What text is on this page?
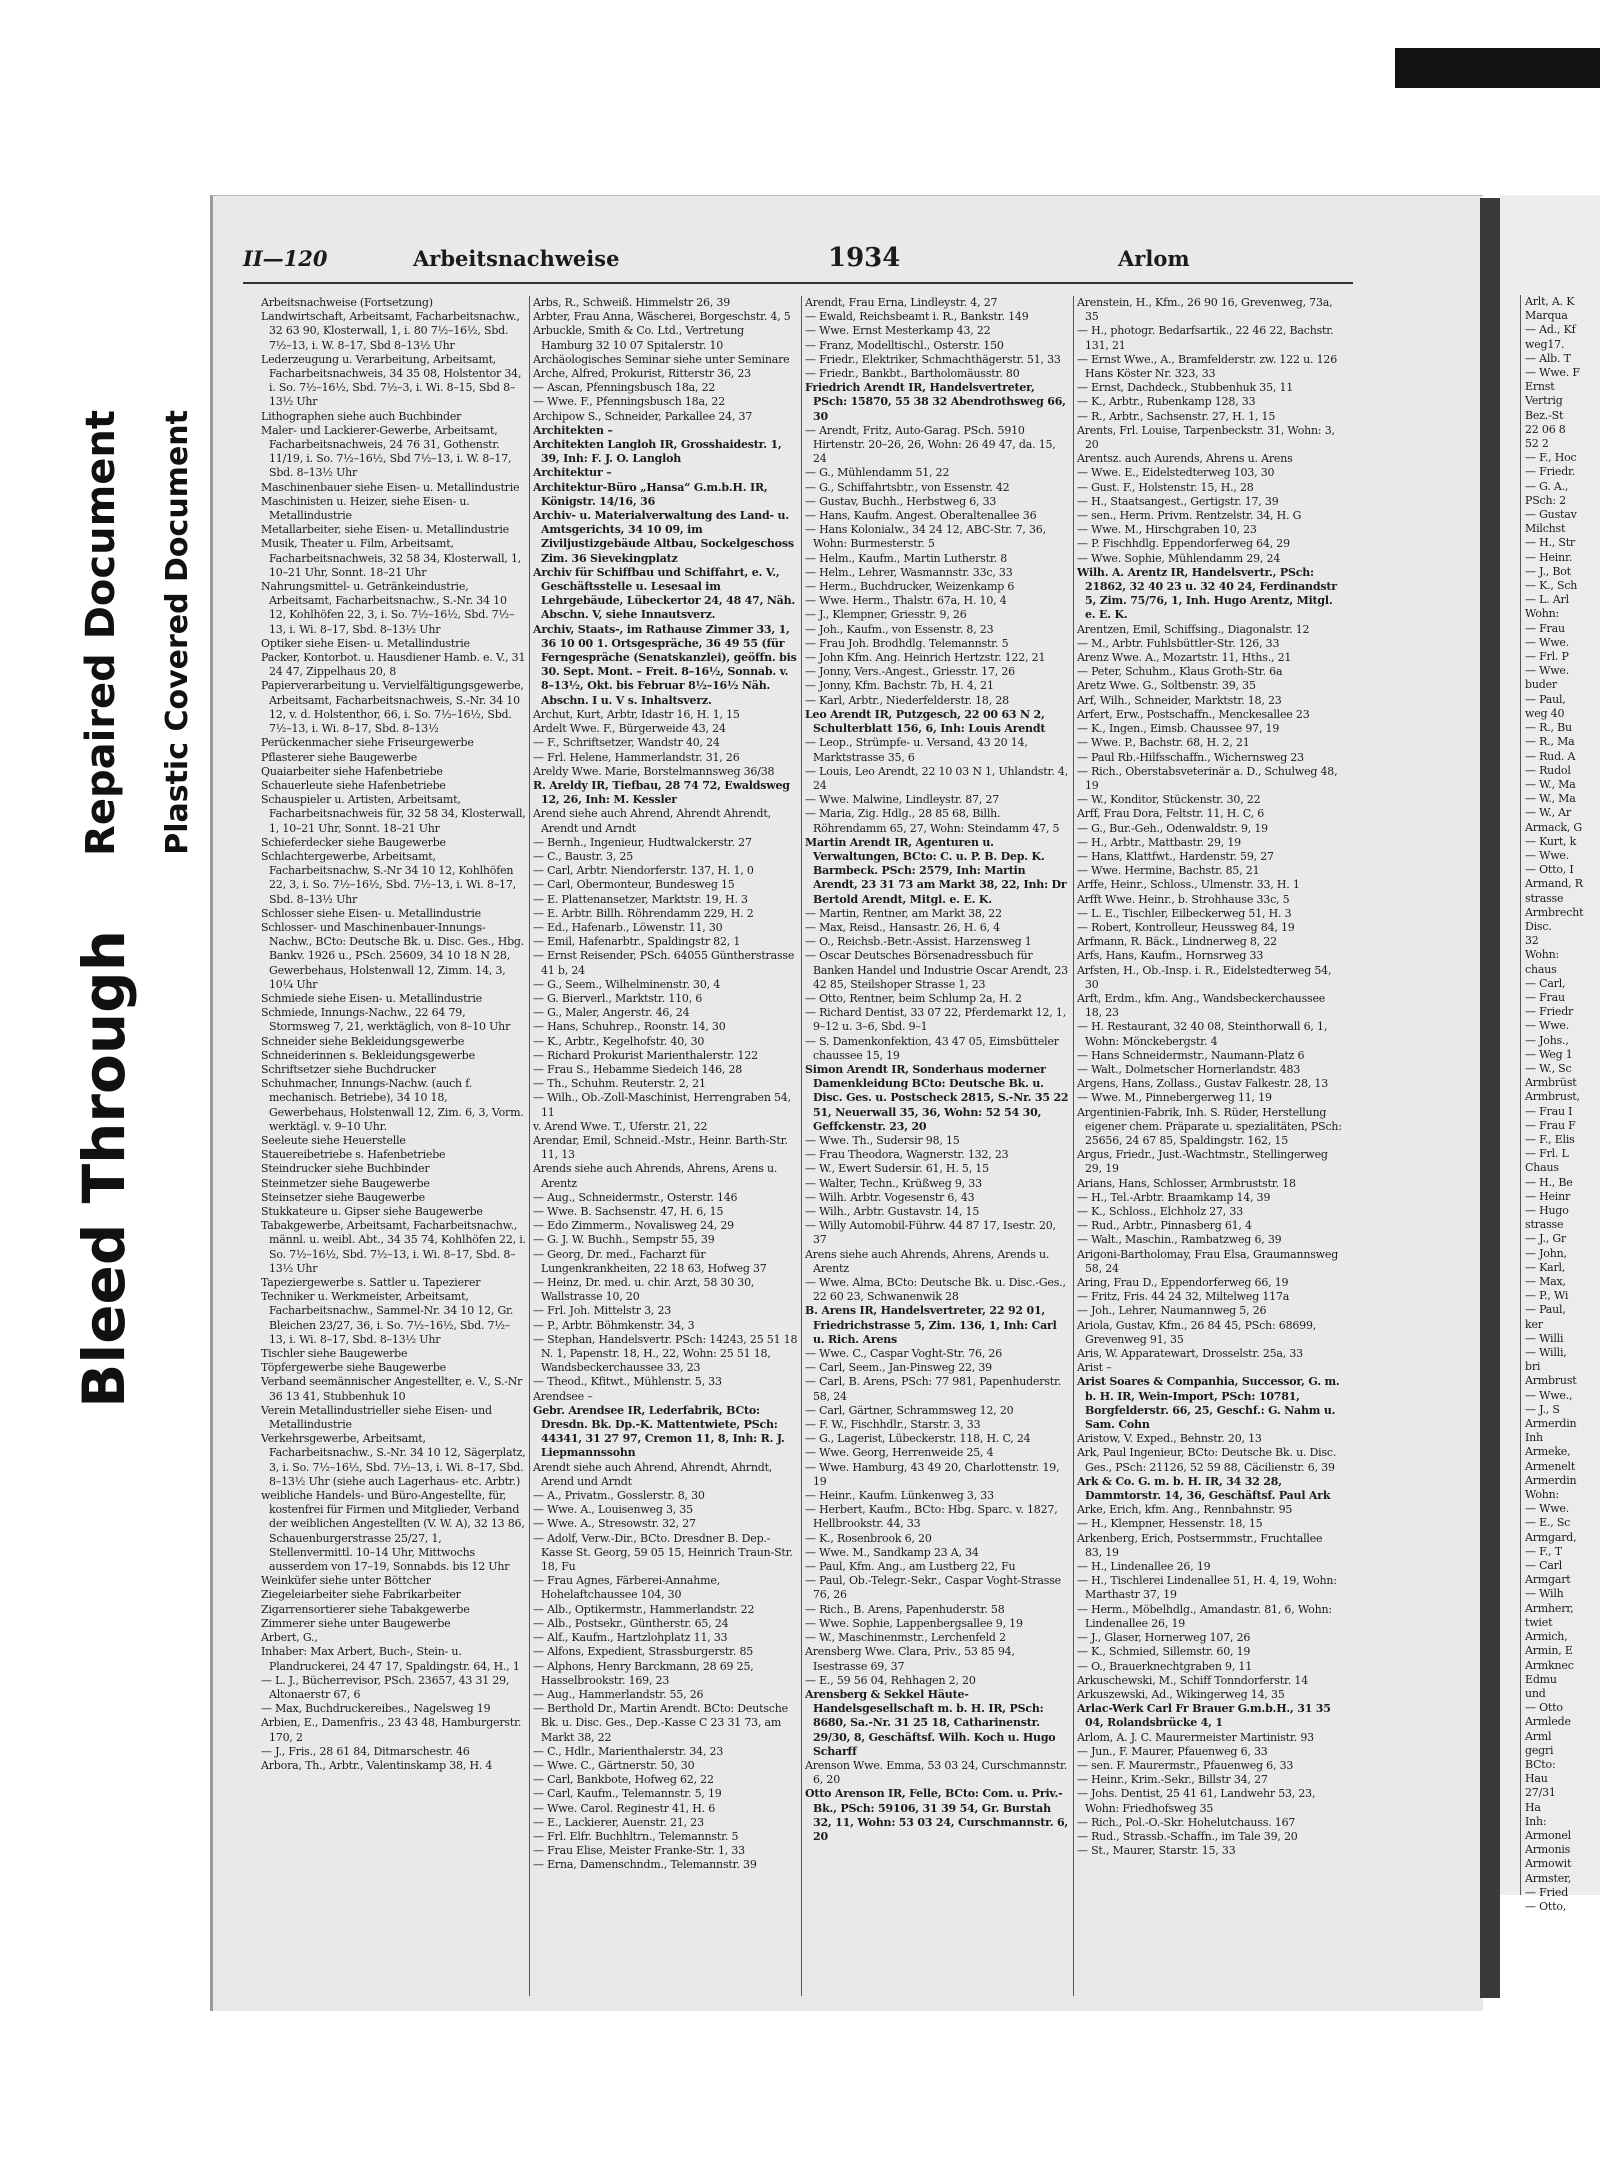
Bleed Through
Repaired Document Plastic Covered Document
II—120	Arbeitsnachweise	1934	Arlom

Arbeitsnachweise (Fortsetzung)

Landwirtschaft, Arbeitsamt, Facharbeitsnachw., 32 63 90, Klosterwall, 1, i. 80 7½–16½, Sbd. 7½–13, i. W. 8–17, Sbd 8–13½ Uhr

Lederzeugung u. Verarbeitung, Arbeitsamt, Facharbeitsnachweis, 34 35 08, Holstentor 34, i. So. 7½–16½, Sbd. 7½–3, i. Wi. 8–15, Sbd 8–13½ Uhr

Lithographen siehe auch Buchbinder

Maler- und Lackierer-Gewerbe, Arbeitsamt, Facharbeitsnachweis, 24 76 31, Gothenstr. 11/19, i. So. 7½–16½, Sbd 7½–13, i. W. 8–17, Sbd. 8–13½ Uhr

Maschinenbauer siehe Eisen- u. Metallindustrie

Maschinisten u. Heizer, siehe Eisen- u. Metallindustrie

Metallarbeiter, siehe Eisen- u. Metallindustrie

Musik, Theater u. Film, Arbeitsamt, Facharbeitsnachweis, 32 58 34, Klosterwall, 1, 10–21 Uhr, Sonnt. 18–21 Uhr

Nahrungsmittel- u. Getränkeindustrie, Arbeitsamt, Facharbeitsnachw., S.-Nr. 34 10 12, Kohlhöfen 22, 3, i. So. 7½–16½, Sbd. 7½–13, i. Wi. 8–17, Sbd. 8–13½ Uhr

Optiker siehe Eisen- u. Metallindustrie

Packer, Kontorbot. u. Hausdiener Hamb. e. V., 31 24 47, Zippelhaus 20, 8

Papierverarbeitung u. Vervielfältigungsgewerbe, Arbeitsamt, Facharbeitsnachweis, S.-Nr. 34 10 12, v. d. Holstenthor, 66, i. So. 7½–16½, Sbd. 7½–13, i. Wi. 8–17, Sbd. 8–13½

Perückenmacher siehe Friseurgewerbe

Pflasterer siehe Baugewerbe

Quaiarbeiter siehe Hafenbetriebe

Schauerleute siehe Hafenbetriebe

Schauspieler u. Artisten, Arbeitsamt, Facharbeitsnachweis für, 32 58 34, Klosterwall, 1, 10–21 Uhr, Sonnt. 18–21 Uhr

Schieferdecker siehe Baugewerbe

Schlachtergewerbe, Arbeitsamt, Facharbeitsnachw, S.-Nr 34 10 12, Kohlhöfen 22, 3, i. So. 7½–16½, Sbd. 7½–13, i. Wi. 8–17, Sbd. 8–13½ Uhr

Schlosser siehe Eisen- u. Metallindustrie

Schlosser- und Maschinenbauer-Innungs-Nachw., BCto: Deutsche Bk. u. Disc. Ges., Hbg. Bankv. 1926 u., PSch. 25609, 34 10 18 N 28, Gewerbehaus, Holstenwall 12, Zimm. 14, 3, 10¼ Uhr

Schmiede siehe Eisen- u. Metallindustrie

Schmiede, Innungs-Nachw., 22 64 79, Stormsweg 7, 21, werktäglich, von 8–10 Uhr

Schneider siehe Bekleidungsgewerbe

Schneiderinnen s. Bekleidungsgewerbe

Schriftsetzer siehe Buchdrucker

Schuhmacher, Innungs-Nachw. (auch f. mechanisch. Betriebe), 34 10 18, Gewerbehaus, Holstenwall 12, Zim. 6, 3, Vorm. werktägl. v. 9–10 Uhr.

Seeleute siehe Heuerstelle

Stauereibetriebe s. Hafenbetriebe

Steindrucker siehe Buchbinder

Steinmetzer siehe Baugewerbe

Steinsetzer siehe Baugewerbe

Stukkateure u. Gipser siehe Baugewerbe

Tabakgewerbe, Arbeitsamt, Facharbeitsnachw., männl. u. weibl. Abt., 34 35 74, Kohlhöfen 22, i. So. 7½–16½, Sbd. 7½–13, i. Wi. 8–17, Sbd. 8–13½ Uhr

Tapeziergewerbe s. Sattler u. Tapezierer

Techniker u. Werkmeister, Arbeitsamt, Facharbeitsnachw., Sammel-Nr. 34 10 12, Gr. Bleichen 23/27, 36, i. So. 7½–16½, Sbd. 7½–13, i. Wi. 8–17, Sbd. 8–13½ Uhr

Tischler siehe Baugewerbe

Töpfergewerbe siehe Baugewerbe

Verband seemännischer Angestellter, e. V., S.-Nr 36 13 41, Stubbenhuk 10

Verein Metallindustrieller siehe Eisen- und Metallindustrie

Verkehrsgewerbe, Arbeitsamt, Facharbeitsnachw., S.-Nr. 34 10 12, Sägerplatz, 3, i. So. 7½–16½, Sbd. 7½–13, i. Wi. 8–17, Sbd. 8–13½ Uhr (siehe auch Lagerhaus- etc. Arbtr.)

weibliche Handels- und Büro-Angestellte, für, kostenfrei für Firmen und Mitglieder, Verband der weiblichen Angestellten (V. W. A), 32 13 86, Schauenburgerstrasse 25/27, 1, Stellenvermittl. 10–14 Uhr, Mittwochs ausserdem von 17–19, Sonnabds. bis 12 Uhr

Weinküfer siehe unter Böttcher

Ziegeleiarbeiter siehe Fabrikarbeiter

Zigarrensortierer siehe Tabakgewerbe

Zimmerer siehe unter Baugewerbe

Arbert, G.,

Inhaber: Max Arbert, Buch-, Stein- u. Plandruckerei, 24 47 17, Spaldingstr. 64, H., 1

— L. J., Bücherrevisor, PSch. 23657, 43 31 29, Altonaerstr 67, 6

— Max, Buchdruckereibes., Nagelsweg 19

Arbien, E., Damenfris., 23 43 48, Hamburgerstr. 170, 2

— J., Fris., 28 61 84, Ditmarschestr. 46

Arbora, Th., Arbtr., Valentinskamp 38, H. 4

Arbs, R., Schweiß. Himmelstr 26, 39

Arbter, Frau Anna, Wäscherei, Borgeschstr. 4, 5

Arbuckle, Smith & Co. Ltd., Vertretung Hamburg 32 10 07 Spitalerstr. 10

Archäologisches Seminar siehe unter Seminare

Arche, Alfred, Prokurist, Ritterstr 36, 23

— Ascan, Pfenningsbusch 18a, 22

— Wwe. F., Pfenningsbusch 18a, 22

Archipow S., Schneider, Parkallee 24, 37

Architekten –

Architekten Langloh IR, Grosshaidestr. 1, 39, Inh: F. J. O. Langloh

Architektur –

Architektur-Büro „Hansa“ G.m.b.H. IR, Königstr. 14/16, 36

Archiv- u. Materialverwaltung des Land- u. Amtsgerichts, 34 10 09, im Ziviljustizgebäude Altbau, Sockelgeschoss Zim. 36 Sievekingplatz

Archiv für Schiffbau und Schiffahrt, e. V., Geschäftsstelle u. Lesesaal im Lehrgebäude, Lübeckertor 24, 48 47, Näh. Abschn. V, siehe Innautsverz.

Archiv, Staats-, im Rathause Zimmer 33, 1, 36 10 00 1. Ortsgespräche, 36 49 55 (für Ferngespräche (Senatskanzlei), geöffn. bis 30. Sept. Mont. – Freit. 8–16½, Sonnab. v. 8–13½, Okt. bis Februar 8½–16½ Näh. Abschn. I u. V s. Inhaltsverz.

Archut, Kurt, Arbtr, Idastr 16, H. 1, 15

Ardelt Wwe. F., Bürgerweide 43, 24

— F., Schriftsetzer, Wandstr 40, 24

— Frl. Helene, Hammerlandstr. 31, 26

Areldy Wwe. Marie, Borstelmannsweg 36/38

R. Areldy IR, Tiefbau, 28 74 72, Ewaldsweg 12, 26, Inh: M. Kessler

Arend siehe auch Ahrend, Ahrendt Ahrendt, Arendt und Arndt

— Bernh., Ingenieur, Hudtwalckerstr. 27

— C., Baustr. 3, 25

— Carl, Arbtr. Niendorferstr. 137, H. 1, 0

— Carl, Obermonteur, Bundesweg 15

— E. Plattenansetzer, Marktstr. 19, H. 3

— E. Arbtr. Billh. Röhrendamm 229, H. 2

— Ed., Hafenarb., Löwenstr. 11, 30

— Emil, Hafenarbtr., Spaldingstr 82, 1

— Ernst Reisender, PSch. 64055 Güntherstrasse 41 b, 24

— G., Seem., Wilhelminenstr. 30, 4

— G. Bierverl., Marktstr. 110, 6

— G., Maler, Angerstr. 46, 24

— Hans, Schuhrep., Roonstr. 14, 30

— K., Arbtr., Kegelhofstr. 40, 30

— Richard Prokurist Marienthalerstr. 122

— Frau S., Hebamme Siedeich 146, 28

— Th., Schuhm. Reuterstr. 2, 21

— Wilh., Ob.-Zoll-Maschinist, Herrengraben 54, 11

v. Arend Wwe. T., Uferstr. 21, 22

Arendar, Emil, Schneid.-Mstr., Heinr. Barth-Str. 11, 13

Arends siehe auch Ahrends, Ahrens, Arens u. Arentz

— Aug., Schneidermstr., Osterstr. 146

— Wwe. B. Sachsenstr. 47, H. 6, 15

— Edo Zimmerm., Novalisweg 24, 29

— G. J. W. Buchh., Sempstr 55, 39

— Georg, Dr. med., Facharzt für Lungenkrankheiten, 22 18 63, Hofweg 37

— Heinz, Dr. med. u. chir. Arzt, 58 30 30, Wallstrasse 10, 20

— Frl. Joh. Mittelstr 3, 23

— P., Arbtr. Böhmkenstr. 34, 3

— Stephan, Handelsvertr. PSch: 14243, 25 51 18 N. 1, Papenstr. 18, H., 22, Wohn: 25 51 18, Wandsbeckerchaussee 33, 23

— Theod., Kfitwt., Mühlenstr. 5, 33

Arendsee –

Gebr. Arendsee IR, Lederfabrik, BCto: Dresdn. Bk. Dp.-K. Mattentwiete, PSch: 44341, 31 27 97, Cremon 11, 8, Inh: R. J. Liepmannssohn

Arendt siehe auch Ahrend, Ahrendt, Ahrndt, Arend und Arndt

— A., Privatm., Gosslerstr. 8, 30

— Wwe. A., Louisenweg 3, 35

— Wwe. A., Stresowstr. 32, 27

— Adolf, Verw.-Dir., BCto. Dresdner B. Dep.-Kasse St. Georg, 59 05 15, Heinrich Traun-Str. 18, Fu

— Frau Agnes, Färberei-Annahme, Hohelaftchaussee 104, 30

— Alb., Optikermstr., Hammerlandstr. 22

— Alb., Postsekr., Güntherstr. 65, 24

— Alf., Kaufm., Hartzlohplatz 11, 33

— Alfons, Expedient, Strassburgerstr. 85

— Alphons, Henry Barckmann, 28 69 25, Hasselbrookstr. 169, 23

— Aug., Hammerlandstr. 55, 26

— Berthold Dr., Martin Arendt. BCto: Deutsche Bk. u. Disc. Ges., Dep.-Kasse C 23 31 73, am Markt 38, 22

— C., Hdlr., Marienthalerstr. 34, 23

— Wwe. C., Gärtnerstr. 50, 30

— Carl, Bankbote, Hofweg 62, 22

— Carl, Kaufm., Telemannstr. 5, 19

— Wwe. Carol. Reginestr 41, H. 6

— E., Lackierer, Auenstr. 21, 23

— Frl. Elfr. Buchhltrn., Telemannstr. 5

— Frau Elise, Meister Franke-Str. 1, 33

— Erna, Damenschndm., Telemannstr. 39

Arendt, Frau Erna, Lindleystr. 4, 27

— Ewald, Reichsbeamt i. R., Bankstr. 149

— Wwe. Ernst Mesterkamp 43, 22

— Franz, Modelltischl., Osterstr. 150

— Friedr., Elektriker, Schmachthägerstr. 51, 33

— Friedr., Bankbt., Bartholomäusstr. 80

Friedrich Arendt IR, Handelsvertreter, PSch: 15870, 55 38 32 Abendrothsweg 66, 30

— Arendt, Fritz, Auto-Garag. PSch. 5910 Hirtenstr. 20–26, 26, Wohn: 26 49 47, da. 15, 24

— G., Mühlendamm 51, 22

— G., Schiffahrtsbtr., von Essenstr. 42

— Gustav, Buchh., Herbstweg 6, 33

— Hans, Kaufm. Angest. Oberaltenallee 36

— Hans Kolonialw., 34 24 12, ABC-Str. 7, 36, Wohn: Burmesterstr. 5

— Helm., Kaufm., Martin Lutherstr. 8

— Helm., Lehrer, Wasmannstr. 33c, 33

— Herm., Buchdrucker, Weizenkamp 6

— Wwe. Herm., Thalstr. 67a, H. 10, 4

— J., Klempner, Griesstr. 9, 26

— Joh., Kaufm., von Essenstr. 8, 23

— Frau Joh. Brodhdlg. Telemannstr. 5

— John Kfm. Ang. Heinrich Hertzstr. 122, 21

— Jonny, Vers.-Angest., Griesstr. 17, 26

— Jonny, Kfm. Bachstr. 7b, H. 4, 21

— Karl, Arbtr., Niederfelderstr. 18, 28

Leo Arendt IR, Putzgesch, 22 00 63 N 2, Schulterblatt 156, 6, Inh: Louis Arendt

— Leop., Strümpfe- u. Versand, 43 20 14, Marktstrasse 35, 6

— Louis, Leo Arendt, 22 10 03 N 1, Uhlandstr. 4, 24

— Wwe. Malwine, Lindleystr. 87, 27

— Maria, Zig. Hdlg., 28 85 68, Billh. Röhrendamm 65, 27, Wohn: Steindamm 47, 5

Martin Arendt IR, Agenturen u. Verwaltungen, BCto: C. u. P. B. Dep. K. Barmbeck. PSch: 2579, Inh: Martin Arendt, 23 31 73 am Markt 38, 22, Inh: Dr Bertold Arendt, Mitgl. e. E. K.

— Martin, Rentner, am Markt 38, 22

— Max, Reisd., Hansastr. 26, H. 6, 4

— O., Reichsb.-Betr.-Assist. Harzensweg 1

— Oscar Deutsches Börsenadressbuch für Banken Handel und Industrie Oscar Arendt, 23 42 85, Steilshoper Strasse 1, 23

— Otto, Rentner, beim Schlump 2a, H. 2

— Richard Dentist, 33 07 22, Pferdemarkt 12, 1, 9–12 u. 3–6, Sbd. 9–1

— S. Damenkonfektion, 43 47 05, Eimsbütteler chaussee 15, 19

Simon Arendt IR, Sonderhaus moderner Damenkleidung BCto: Deutsche Bk. u. Disc. Ges. u. Postscheck 2815, S.-Nr. 35 22 51, Neuerwall 35, 36, Wohn: 52 54 30, Geffckenstr. 23, 20

— Wwe. Th., Sudersir 98, 15

— Frau Theodora, Wagnerstr. 132, 23

— W., Ewert Sudersir. 61, H. 5, 15

— Walter, Techn., Krüßweg 9, 33

— Wilh. Arbtr. Vogesenstr 6, 43

— Wilh., Arbtr. Gustavstr. 14, 15

— Willy Automobil-Führw. 44 87 17, Isestr. 20, 37

Arens siehe auch Ahrends, Ahrens, Arends u. Arentz

— Wwe. Alma, BCto: Deutsche Bk. u. Disc.-Ges., 22 60 23, Schwanenwik 28

B. Arens IR, Handelsvertreter, 22 92 01, Friedrichstrasse 5, Zim. 136, 1, Inh: Carl u. Rich. Arens

— Wwe. C., Caspar Voght-Str. 76, 26

— Carl, Seem., Jan-Pinsweg 22, 39

— Carl, B. Arens, PSch: 77 981, Papenhuderstr. 58, 24

— Carl, Gärtner, Schrammsweg 12, 20

— F. W., Fischhdlr., Starstr. 3, 33

— G., Lagerist, Lübeckerstr. 118, H. C, 24

— Wwe. Georg, Herrenweide 25, 4

— Wwe. Hamburg, 43 49 20, Charlottenstr. 19, 19

— Heinr., Kaufm. Lünkenweg 3, 33

— Herbert, Kaufm., BCto: Hbg. Sparc. v. 1827, Hellbrookstr. 44, 33

— K., Rosenbrook 6, 20

— Wwe. M., Sandkamp 23 A, 34

— Paul, Kfm. Ang., am Lustberg 22, Fu

— Paul, Ob.-Telegr.-Sekr., Caspar Voght-Strasse 76, 26

— Rich., B. Arens, Papenhuderstr. 58

— Wwe. Sophie, Lappenbergsallee 9, 19

— W., Maschinenmstr., Lerchenfeld 2

Arensberg Wwe. Clara, Priv., 53 85 94, Isestrasse 69, 37

— E., 59 56 04, Rehhagen 2, 20

Arensberg & Sekkel Häute-Handelsgesellschaft m. b. H. IR, PSch: 8680, Sa.-Nr. 31 25 18, Catharinenstr. 29/30, 8, Geschäftsf. Wilh. Koch u. Hugo Scharff

Arenson Wwe. Emma, 53 03 24, Curschmannstr. 6, 20

Otto Arenson IR, Felle, BCto: Com. u. Priv.-Bk., PSch: 59106, 31 39 54, Gr. Burstah 32, 11, Wohn: 53 03 24, Curschmannstr. 6, 20

Arenstein, H., Kfm., 26 90 16, Grevenweg, 73a, 35

— H., photogr. Bedarfsartik., 22 46 22, Bachstr. 131, 21

— Ernst Wwe., A., Bramfelderstr. zw. 122 u. 126 Hans Köster Nr. 323, 33

— Ernst, Dachdeck., Stubbenhuk 35, 11

— K., Arbtr., Rubenkamp 128, 33

— R., Arbtr., Sachsenstr. 27, H. 1, 15

Arents, Frl. Louise, Tarpenbeckstr. 31, Wohn: 3, 20

Arentsz. auch Aurends, Ahrens u. Arens

— Wwe. E., Eidelstedterweg 103, 30

— Gust. F., Holstenstr. 15, H., 28

— H., Staatsangest., Gertigstr. 17, 39

— sen., Herm. Privm. Rentzelstr. 34, H. G

— Wwe. M., Hirschgraben 10, 23

— P. Fischhdlg. Eppendorferweg 64, 29

— Wwe. Sophie, Mühlendamm 29, 24

Wilh. A. Arentz IR, Handelsvertr., PSch: 21862, 32 40 23 u. 32 40 24, Ferdinandstr 5, Zim. 75/76, 1, Inh. Hugo Arentz, Mitgl. e. E. K.

Arentzen, Emil, Schiffsing., Diagonalstr. 12

— M., Arbtr. Fuhlsbüttler-Str. 126, 33

Arenz Wwe. A., Mozartstr. 11, Hths., 21

— Peter, Schuhm., Klaus Groth-Str. 6a

Aretz Wwe. G., Soltbenstr. 39, 35

Arf, Wilh., Schneider, Marktstr. 18, 23

Arfert, Erw., Postschaffn., Menckesallee 23

— K., Ingen., Eimsb. Chaussee 97, 19

— Wwe. P., Bachstr. 68, H. 2, 21

— Paul Rb.-Hilfsschaffn., Wichernsweg 23

— Rich., Oberstabsveterinär a. D., Schulweg 48, 19

— W., Konditor, Stückenstr. 30, 22

Arff, Frau Dora, Feltstr. 11, H. C, 6

— G., Bur.-Geh., Odenwaldstr. 9, 19

— H., Arbtr., Mattbastr. 29, 19

— Hans, Klattfwt., Hardenstr. 59, 27

— Wwe. Hermine, Bachstr. 85, 21

Arffe, Heinr., Schloss., Ulmenstr. 33, H. 1

Arfft Wwe. Heinr., b. Strohhause 33c, 5

— L. E., Tischler, Eilbeckerweg 51, H. 3

— Robert, Kontrolleur, Heussweg 84, 19

Arfmann, R. Bäck., Lindnerweg 8, 22

Arfs, Hans, Kaufm., Hornsrweg 33

Arfsten, H., Ob.-Insp. i. R., Eidelstedterweg 54, 30

Arft, Erdm., kfm. Ang., Wandsbeckerchaussee 18, 23

— H. Restaurant, 32 40 08, Steinthorwall 6, 1, Wohn: Mönckebergstr. 4

— Hans Schneidermstr., Naumann-Platz 6

— Walt., Dolmetscher Hornerlandstr. 483

Argens, Hans, Zollass., Gustav Falkestr. 28, 13

— Wwe. M., Pinnebergerweg 11, 19

Argentinien-Fabrik, Inh. S. Rüder, Herstellung eigener chem. Präparate u. spezialitäten, PSch: 25656, 24 67 85, Spaldingstr. 162, 15

Argus, Friedr., Just.-Wachtmstr., Stellingerweg 29, 19

Arians, Hans, Schlosser, Armbruststr. 18

— H., Tel.-Arbtr. Braamkamp 14, 39

— K., Schloss., Elchholz 27, 33

— Rud., Arbtr., Pinnasberg 61, 4

— Walt., Maschin., Rambatzweg 6, 39

Arigoni-Bartholomay, Frau Elsa, Graumannsweg 58, 24

Aring, Frau D., Eppendorferweg 66, 19

— Fritz, Fris. 44 24 32, Miltelweg 117a

— Joh., Lehrer, Naumannweg 5, 26

Ariola, Gustav, Kfm., 26 84 45, PSch: 68699, Grevenweg 91, 35

Aris, W. Apparatewart, Drosselstr. 25a, 33

Arist –

Arist Soares & Companhia, Successor, G. m. b. H. IR, Wein-Import, PSch: 10781, Borgfelderstr. 66, 25, Geschf.: G. Nahm u. Sam. Cohn

Aristow, V. Exped., Behnstr. 20, 13

Ark, Paul Ingenieur, BCto: Deutsche Bk. u. Disc. Ges., PSch: 21126, 52 59 88, Cäcilienstr. 6, 39

Ark & Co. G. m. b. H. IR, 34 32 28, Dammtorstr. 14, 36, Geschäftsf. Paul Ark

Arke, Erich, kfm. Ang., Rennbahnstr. 95

— H., Klempner, Hessenstr. 18, 15

Arkenberg, Erich, Postsermmstr., Fruchtallee 83, 19

— H., Lindenallee 26, 19

— H., Tischlerei Lindenallee 51, H. 4, 19, Wohn: Marthastr 37, 19

— Herm., Möbelhdlg., Amandastr. 81, 6, Wohn: Lindenallee 26, 19

— J., Glaser, Hornerweg 107, 26

— K., Schmied, Sillemstr. 60, 19

— O., Brauerknechtgraben 9, 11

Arkuschewski, M., Schiff Tonndorferstr. 14

Arkuszewski, Ad., Wikingerweg 14, 35

Arlac-Werk Carl Fr Brauer G.m.b.H., 31 35 04, Rolandsbrücke 4, 1

Arlom, A. J. C. Maurermeister Martinistr. 93

— Jun., F. Maurer, Pfauenweg 6, 33

— sen. F. Maurermstr., Pfauenweg 6, 33

— Heinr., Krim.-Sekr., Billstr 34, 27

— Johs. Dentist, 25 41 61, Landwehr 53, 23, Wohn: Friedhofsweg 35

— Rich., Pol.-O.-Skr. Hohelutchauss. 167

— Rud., Strassb.-Schaffn., im Tale 39, 20

— St., Maurer, Starstr. 15, 33

Arlt, A. K
Marqua
— Ad., Kf
weg17.
— Alb. T
— Wwe. F
Ernst
Vertrig
Bez.-St
22 06 8
52 2
— F., Hoc
— Friedr.
— G. A.,
PSch: 2
— Gustav
Milchst
— H., Str
— Heinr.
— J., Bot
— K., Sch
— L. Arl
Wohn:
— Frau
— Wwe.
— Frl. P
— Wwe.
buder
— Paul,
weg 40
— R., Bu
— R., Ma
— Rud. A
— Rudol
— W., Ma
— W., Ma
— W., Ar
Armack, G
— Kurt, k
— Wwe.
— Otto, I
Armand, R
strasse
Armbrecht
Disc.
32
Wohn:
chaus
— Carl,
— Frau
— Friedr
— Wwe.
— Johs.,
— Weg 1
— W., Sc
Armbrüst
Armbrust,
— Frau I
— Frau F
— F., Elis
— Frl. L
Chaus
— H., Be
— Heinr
— Hugo
strasse
— J., Gr
— John,
— Karl,
— Max,
— P., Wi
— Paul,
ker
— Willi
— Willi,
bri
Armbrust
— Wwe.,
— J., S
Armerdin
Inh
Armeke,
Armenelt
Armerdin
Wohn:
— Wwe.
— E., Sc
Armgard,
— F., T
— Carl
Armgart
— Wilh
Armherr,
twiet
Armich,
Armin, E
Armknec
Edmu
und
— Otto
Armlede
Arml
gegri
BCto:
Hau
27/31
Ha
Inh:
Armonel
Armonis
Armowit
Armster,
— Fried
— Otto,
